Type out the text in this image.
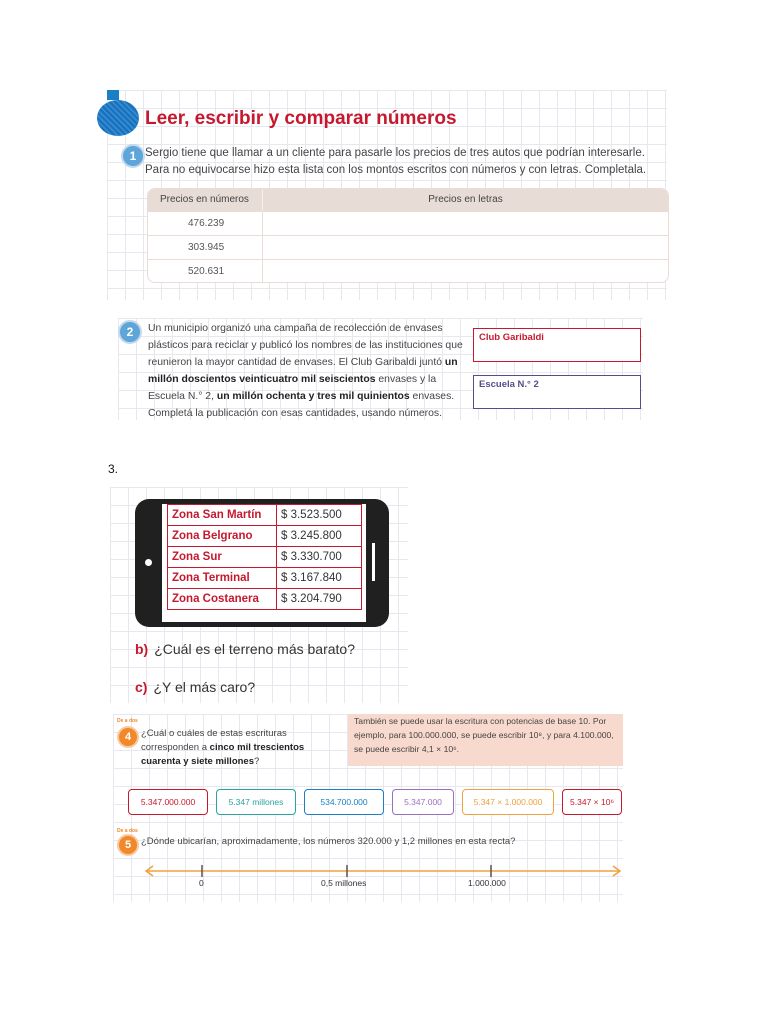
Leer, escribir y comparar números
1 Sergio tiene que llamar a un cliente para pasarle los precios de tres autos que podrían interesarle. Para no equivocarse hizo esta lista con los montos escritos con números y con letras. Completala.
Precios en números	Precios en letras
476.239
303.945
520.631
2	Un municipio organizó una campaña de recolección de envases plásticos para reciclar y publicó los nombres de las instituciones que reunieron la mayor cantidad de envases. El Club Garibaldi juntó un millón doscientos veinticuatro mil seiscientos envases y la Escuela N.° 2, un millón ochenta y tres mil quinientos envases. Completá la publicación con esas cantidades, usando números.
Club Garibaldi
Escuela N.° 2
3.
Zona San Martín	$ 3.523.500
Zona Belgrano	$ 3.245.800
Zona Sur	$ 3.330.700
Zona Terminal	$ 3.167.840
Zona Costanera	$ 3.204.790
b) ¿Cuál es el terreno más barato?
c) ¿Y el más caro?
También se puede usar la escritura con potencias de base 10. Por ejemplo, para 100.000.000, se puede escribir 10⁸, y para 4.100.000, se puede escribir 4,1 × 10⁶.
De a dos
4	¿Cuál o cuáles de estas escrituras corresponden a cinco mil trescientos cuarenta y siete millones?
5.347.000.000	5.347 millones	534.700.000	5.347.000	5.347 × 1.000.000	5.347 × 10⁶
De a dos
5	¿Dónde ubicarían, aproximadamente, los números 320.000 y 1,2 millones en esta recta?
0	0,5 millones	1.000.000
